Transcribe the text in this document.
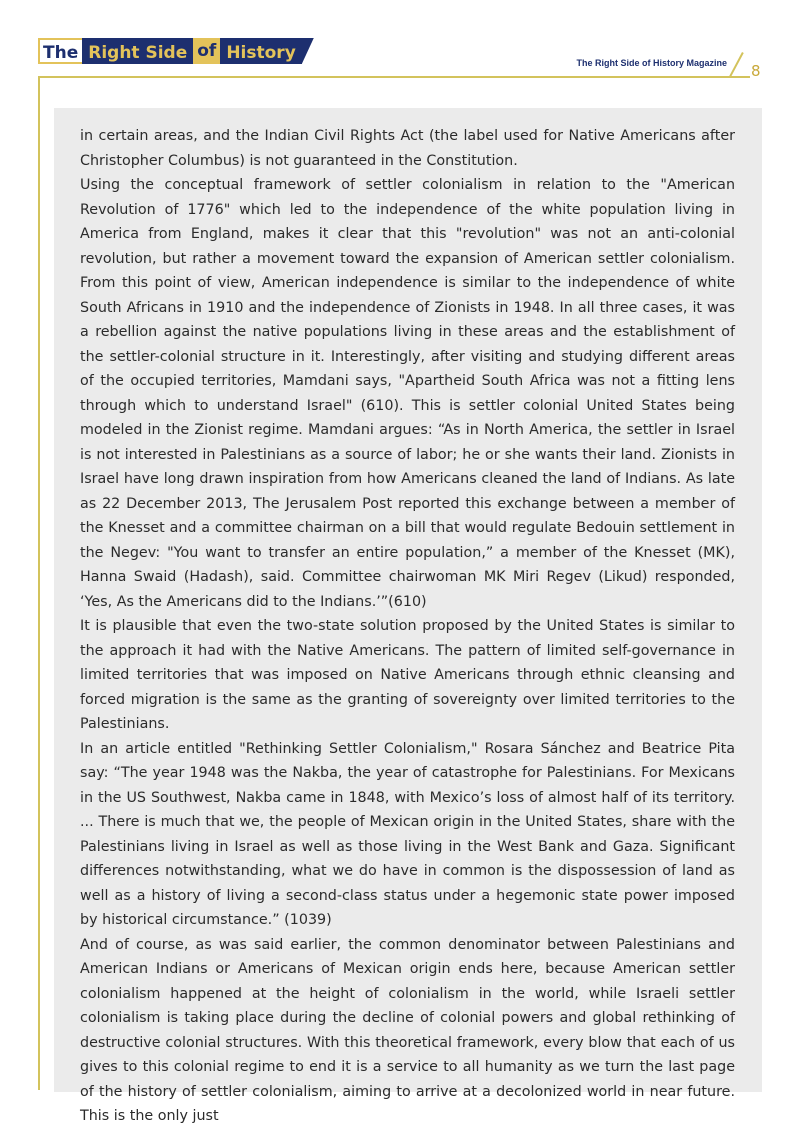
The Right Side of History	The Right Side of History Magazine 8

in certain areas, and the Indian Civil Rights Act (the label used for Native Americans after Christopher Columbus) is not guaranteed in the Constitution.

Using the conceptual framework of settler colonialism in relation to the "American Revolution of 1776" which led to the independence of the white population living in America from England, makes it clear that this "revolution" was not an anti-colonial revolution, but rather a movement toward the expansion of American settler colonialism. From this point of view, American independence is similar to the independence of white South Africans in 1910 and the independence of Zionists in 1948. In all three cases, it was a rebellion against the native populations living in these areas and the establishment of the settler-colonial structure in it. Interestingly, after visiting and studying different areas of the occupied territories, Mamdani says, "Apartheid South Africa was not a fitting lens through which to understand Israel" (610). This is settler colonial United States being modeled in the Zionist regime. Mamdani argues: “As in North America, the settler in Israel is not interested in Palestinians as a source of labor; he or she wants their land. Zionists in Israel have long drawn inspiration from how Americans cleaned the land of Indians. As late as 22 December 2013, The Jerusalem Post reported this exchange between a member of the Knesset and a committee chairman on a bill that would regulate Bedouin settlement in the Negev: "You want to transfer an entire population,” a member of the Knesset (MK), Hanna Swaid (Hadash), said. Committee chairwoman MK Miri Regev (Likud) responded, ‘Yes, As the Americans did to the Indians.’”(610)

It is plausible that even the two-state solution proposed by the United States is similar to the approach it had with the Native Americans. The pattern of limited self-governance in limited territories that was imposed on Native Americans through ethnic cleansing and forced migration is the same as the granting of sovereignty over limited territories to the Palestinians.

In an article entitled "Rethinking Settler Colonialism," Rosara Sánchez and Beatrice Pita say: “The year 1948 was the Nakba, the year of catastrophe for Palestinians. For Mexicans in the US Southwest, Nakba came in 1848, with Mexico’s loss of almost half of its territory. ... There is much that we, the people of Mexican origin in the United States, share with the Palestinians living in Israel as well as those living in the West Bank and Gaza. Significant differences notwithstanding, what we do have in common is the dispossession of land as well as a history of living a second-class status under a hegemonic state power imposed by historical circumstance.” (1039)

And of course, as was said earlier, the common denominator between Palestinians and American Indians or Americans of Mexican origin ends here, because American settler colonialism happened at the height of colonialism in the world, while Israeli settler colonialism is taking place during the decline of colonial powers and global rethinking of destructive colonial structures. With this theoretical framework, every blow that each of us gives to this colonial regime to end it is a service to all humanity as we turn the last page of the history of settler colonialism, aiming to arrive at a decolonized world in near future. This is the only just
